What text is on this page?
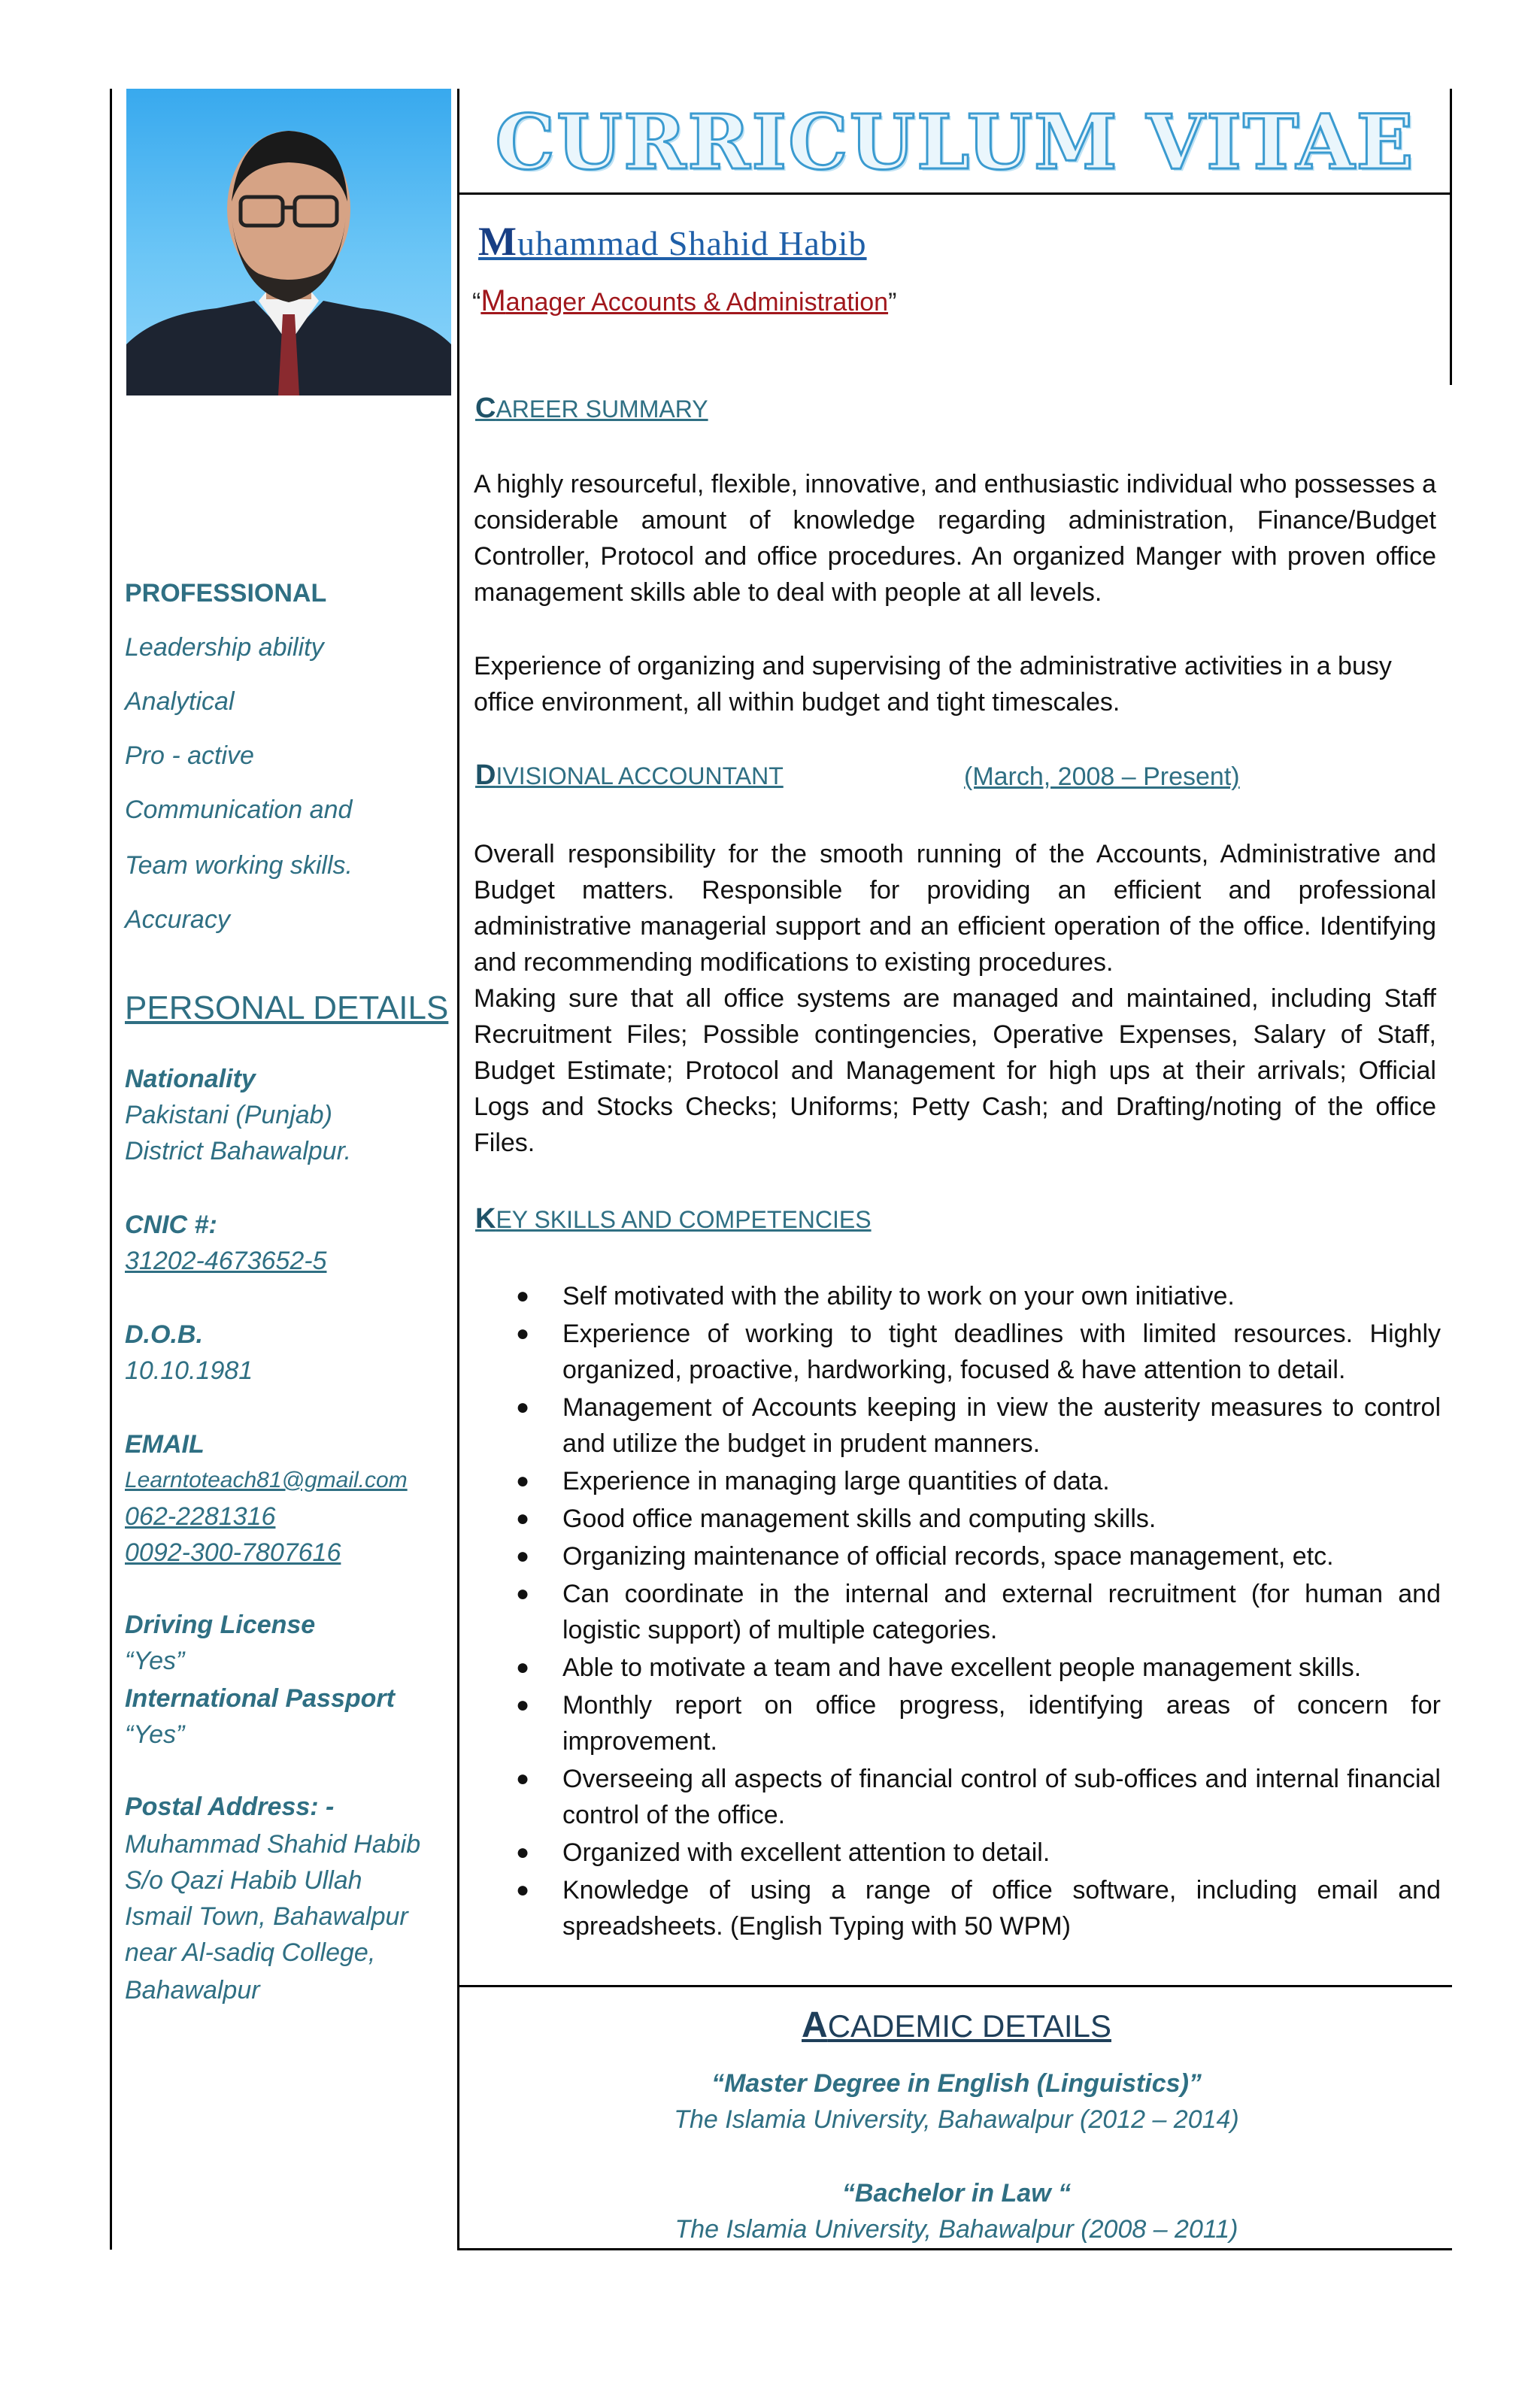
CURRICULUM VITAE
Muhammad Shahid Habib
“Manager Accounts & Administration”
PROFESSIONAL
Leadership ability
Analytical
Pro - active
Communication and
Team working skills.
Accuracy
PERSONAL DETAILS
Nationality
Pakistani (Punjab)
District Bahawalpur.
CNIC #:
31202-4673652-5
D.O.B.
10.10.1981
EMAIL
Learntoteach81@gmail.com
062-2281316
0092-300-7807616
Driving License
“Yes”
International Passport
“Yes”
Postal Address: -
Muhammad Shahid Habib
S/o Qazi Habib Ullah
Ismail Town, Bahawalpur
near Al-sadiq College,
Bahawalpur
CAREER SUMMARY
A highly resourceful, flexible, innovative, and enthusiastic individual who possesses a considerable amount of knowledge regarding administration, Finance/Budget Controller, Protocol and office procedures. An organized Manger with proven office management skills able to deal with people at all levels.
Experience of organizing and supervising of the administrative activities in a busy office environment, all within budget and tight timescales.
DIVISIONAL ACCOUNTANT	(March, 2008 – Present)
Overall responsibility for the smooth running of the Accounts, Administrative and Budget matters. Responsible for providing an efficient and professional administrative managerial support and an efficient operation of the office. Identifying and recommending modifications to existing procedures.
Making sure that all office systems are managed and maintained, including Staff Recruitment Files; Possible contingencies, Operative Expenses, Salary of Staff, Budget Estimate; Protocol and Management for high ups at their arrivals; Official Logs and Stocks Checks; Uniforms; Petty Cash; and Drafting/noting of the office Files.
KEY SKILLS AND COMPETENCIES
● Self motivated with the ability to work on your own initiative.
● Experience of working to tight deadlines with limited resources. Highly organized, proactive, hardworking, focused & have attention to detail.
● Management of Accounts keeping in view the austerity measures to control and utilize the budget in prudent manners.
● Experience in managing large quantities of data.
● Good office management skills and computing skills.
● Organizing maintenance of official records, space management, etc.
● Can coordinate in the internal and external recruitment (for human and logistic support) of multiple categories.
● Able to motivate a team and have excellent people management skills.
● Monthly report on office progress, identifying areas of concern for improvement.
● Overseeing all aspects of financial control of sub-offices and internal financial control of the office.
● Organized with excellent attention to detail.
● Knowledge of using a range of office software, including email and spreadsheets. (English Typing with 50 WPM)
ACADEMIC DETAILS
“Master Degree in English (Linguistics)”
The Islamia University, Bahawalpur (2012 – 2014)
“Bachelor in Law “
The Islamia University, Bahawalpur (2008 – 2011)
